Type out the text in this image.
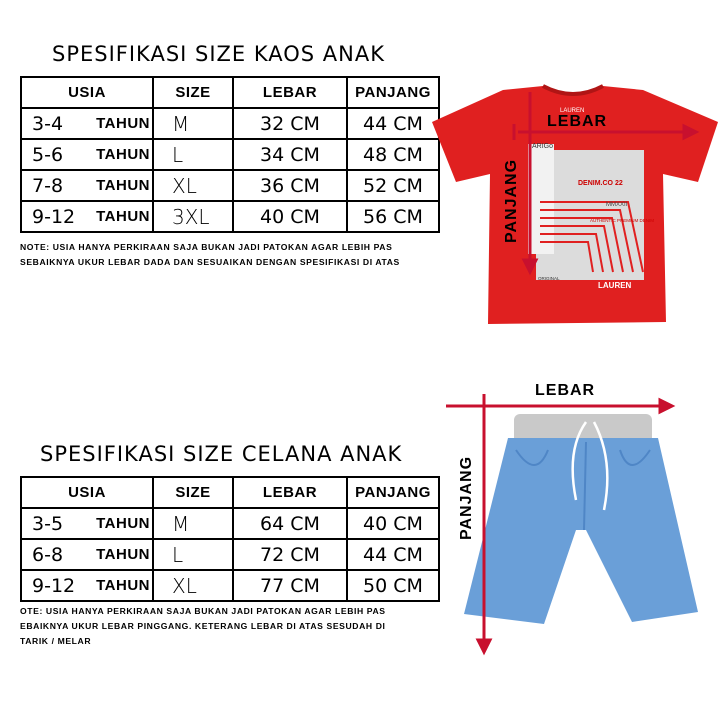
SPESIFIKASI SIZE KAOS ANAK
USIA	SIZE	LEBAR	PANJANG

3-4 TAHUN	M	32 CM	44 CM

5-6 TAHUN	L	34 CM	48 CM

7-8 TAHUN	XL	36 CM	52 CM

9-12 TAHUN	3XL	40 CM	56 CM
NOTE: USIA HANYA PERKIRAAN SAJA BUKAN JADI PATOKAN AGAR LEBIH PAS
SEBAIKNYA UKUR LEBAR DADA DAN SESUAIKAN DENGAN SPESIFIKASI DI ATAS
ARIGo
DENIM.CO 22
MMXXII
AUTHENTIC PREMIUM DENIM
ORIGINAL
LAUREN
LAUREN
LEBAR
PANJANG
SPESIFIKASI SIZE CELANA ANAK
USIA	SIZE	LEBAR	PANJANG

3-5 TAHUN	M	64 CM	40 CM

6-8 TAHUN	L	72 CM	44 CM

9-12 TAHUN	XL	77 CM	50 CM
OTE: USIA HANYA PERKIRAAN SAJA BUKAN JADI PATOKAN AGAR LEBIH PAS
EBAIKNYA UKUR LEBAR PINGGANG. KETERANG LEBAR DI ATAS SESUDAH DI
TARIK / MELAR
LEBAR
PANJANG
